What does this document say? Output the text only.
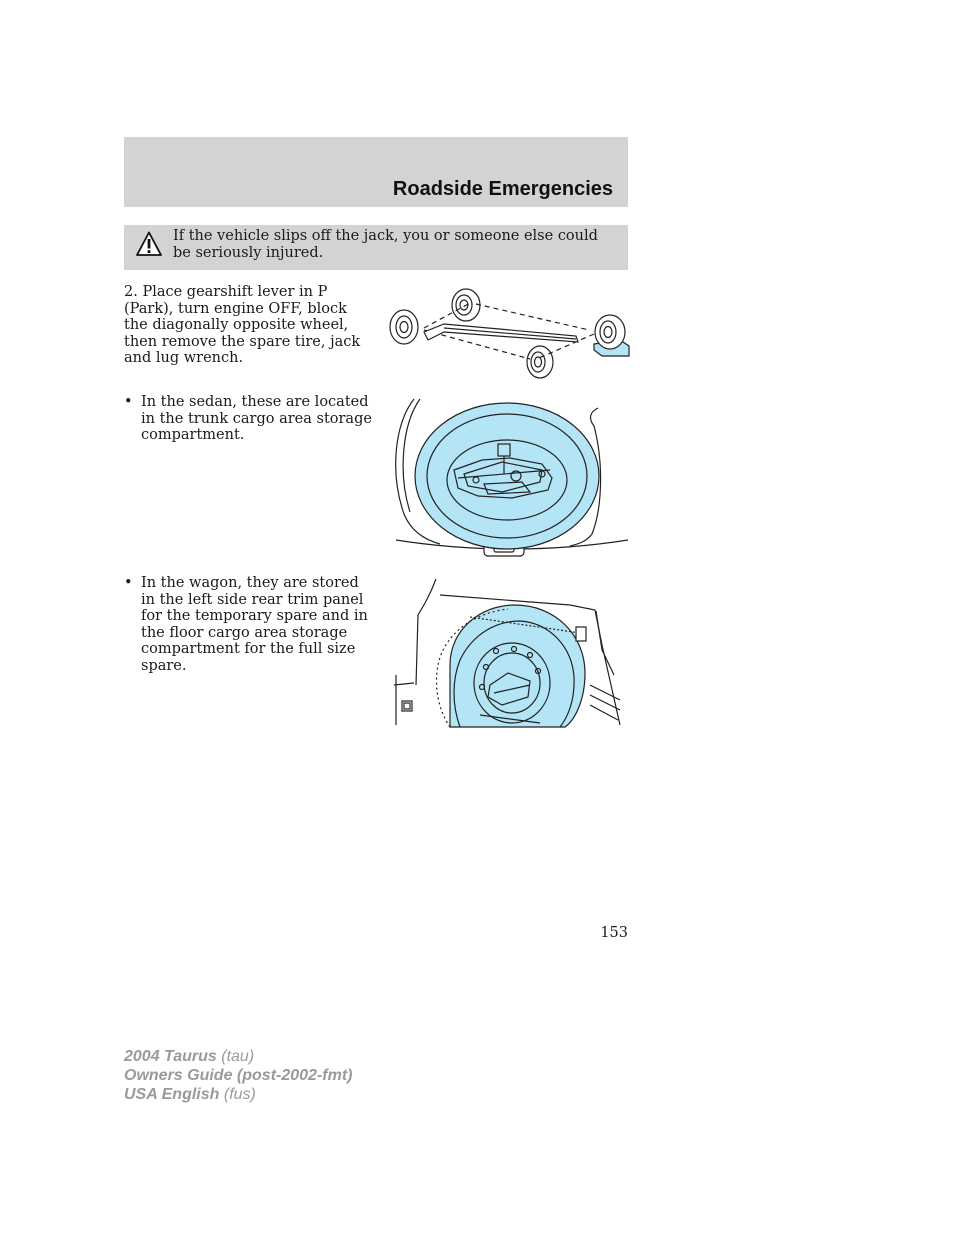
Roadside Emergencies
If the vehicle slips off the jack, you or someone else could be seriously injured.
2. Place gearshift lever in P (Park), turn engine OFF, block the diagonally opposite wheel, then remove the spare tire, jack and lug wrench.
• In the sedan, these are located in the trunk cargo area storage compartment.
• In the wagon, they are stored in the left side rear trim panel for the temporary spare and in the floor cargo area storage compartment for the full size spare.
153
2004 Taurus (tau)
Owners Guide (post-2002-fmt)
USA English (fus)
